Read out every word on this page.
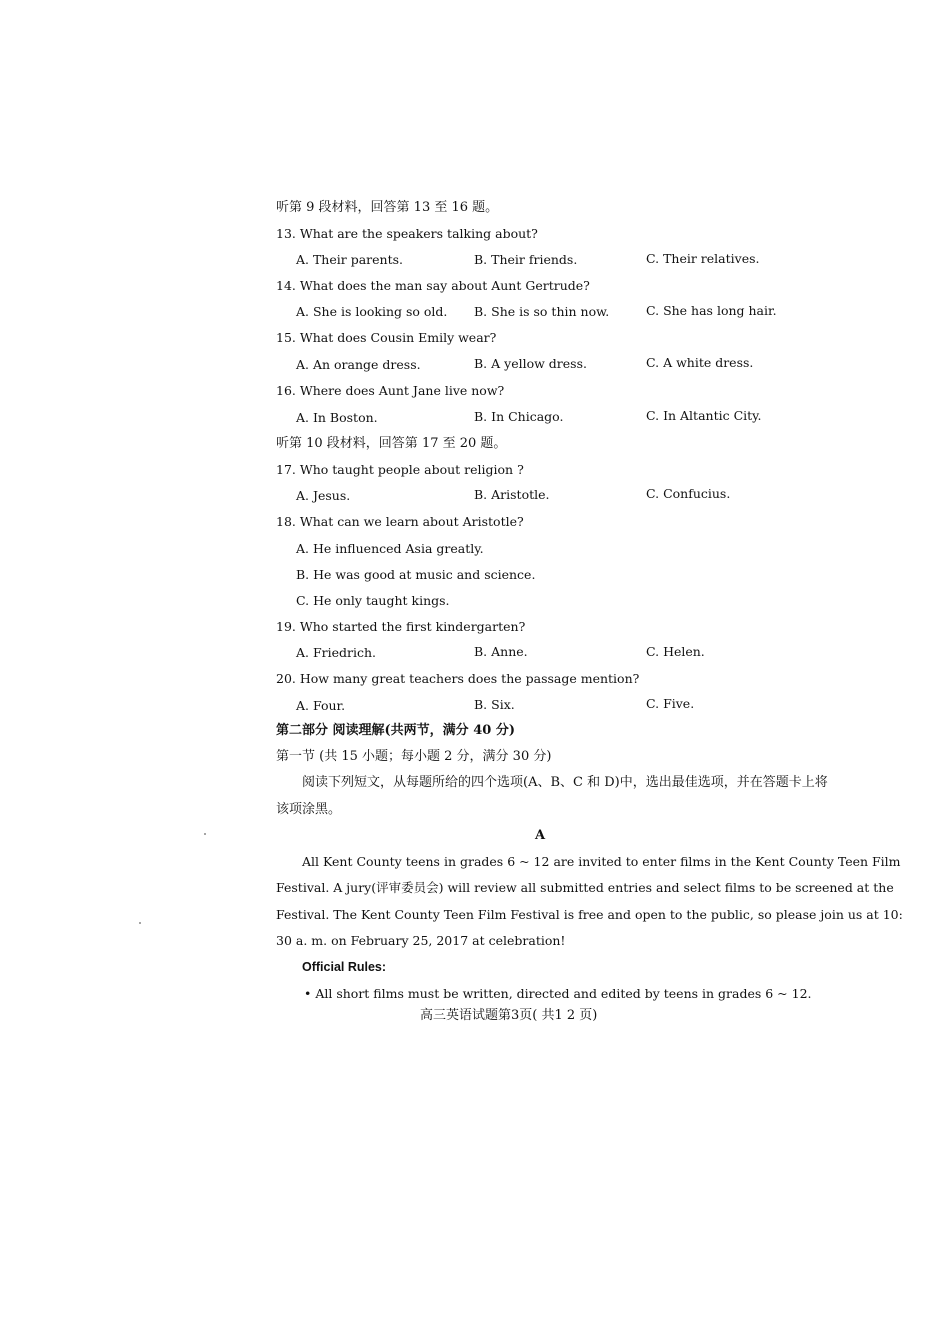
听第 9 段材料，回答第 13 至 16 题。
13. What are the speakers talking about?
A. Their parents.	B. Their friends.	C. Their relatives.
14. What does the man say about Aunt Gertrude?
A. She is looking so old. B. She is so thin now.	C. She has long hair.
15. What does Cousin Emily wear?
A. An orange dress.	B. A yellow dress.	C. A white dress.
16. Where does Aunt Jane live now?
A. In Boston.	B. In Chicago.	C. In Altantic City.
听第 10 段材料，回答第 17 至 20 题。
17. Who taught people about religion ?
A. Jesus.	B. Aristotle.	C. Confucius.
18. What can we learn about Aristotle?
A. He influenced Asia greatly.
B. He was good at music and science.
C. He only taught kings.
19. Who started the first kindergarten?
A. Friedrich.	B. Anne.	C. Helen.
20. How many great teachers does the passage mention?
A. Four.	B. Six.	C. Five.
第二部分 阅读理解(共两节，满分 40 分)
第一节 (共 15 小题；每小题 2 分，满分 30 分)
阅读下列短文，从每题所给的四个选项(A、B、C 和 D)中，选出最佳选项，并在答题卡上将
该项涂黑。
A
All Kent County teens in grades 6 ~ 12 are invited to enter films in the Kent County Teen Film
Festival. A jury(评审委员会) will review all submitted entries and select films to be screened at the
Festival. The Kent County Teen Film Festival is free and open to the public, so please join us at 10:
30 a. m. on February 25, 2017 at celebration!
Official Rules:
• All short films must be written, directed and edited by teens in grades 6 ~ 12.
高三英语试题第3页( 共1 2 页)
